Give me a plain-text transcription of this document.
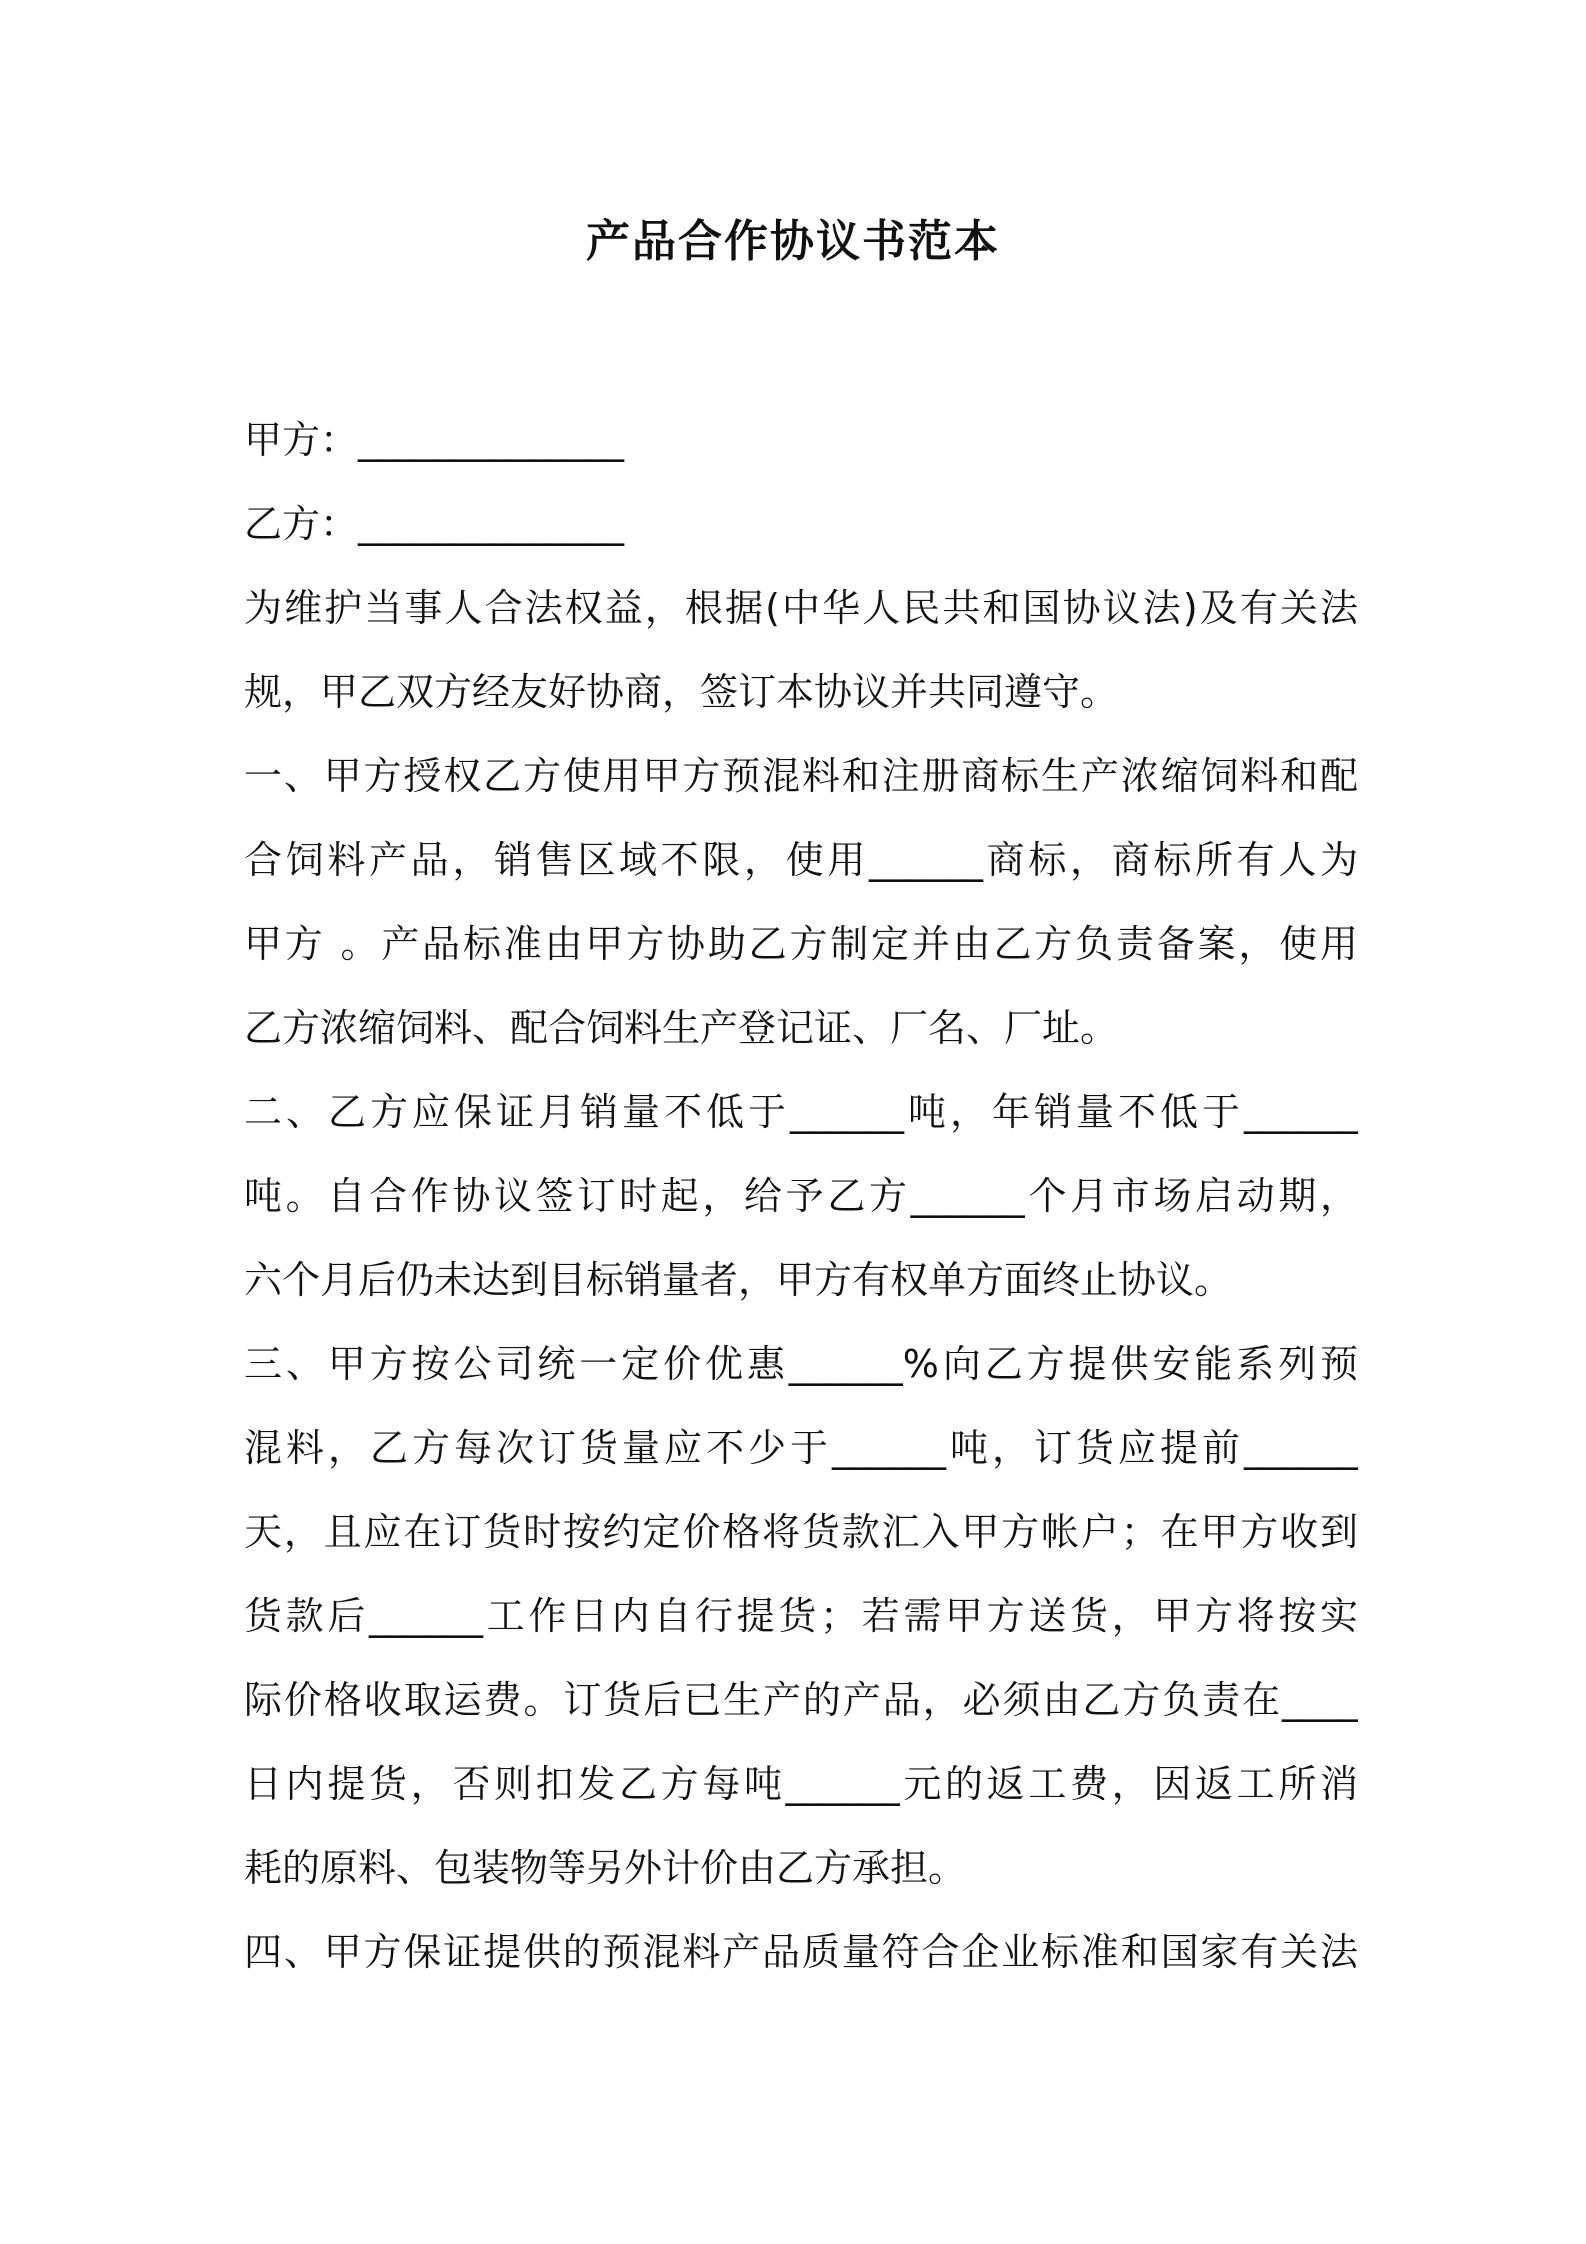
产品合作协议书范本
甲方：______________
乙方：______________
为维护当事人合法权益，根据(中华人民共和国协议法)及有关法
规，甲乙双方经友好协商，签订本协议并共同遵守。
一、甲方授权乙方使用甲方预混料和注册商标生产浓缩饲料和配
合饲料产品，销售区域不限，使用______商标，商标所有人为
甲方 。产品标准由甲方协助乙方制定并由乙方负责备案，使用
乙方浓缩饲料、配合饲料生产登记证、厂名、厂址。
二、乙方应保证月销量不低于______吨，年销量不低于______
吨。自合作协议签订时起，给予乙方______个月市场启动期，
六个月后仍未达到目标销量者，甲方有权单方面终止协议。
三、甲方按公司统一定价优惠______%向乙方提供安能系列预
混料，乙方每次订货量应不少于______吨，订货应提前______
天，且应在订货时按约定价格将货款汇入甲方帐户；在甲方收到
货款后______工作日内自行提货；若需甲方送货，甲方将按实
际价格收取运费。订货后已生产的产品，必须由乙方负责在____
日内提货，否则扣发乙方每吨______元的返工费，因返工所消
耗的原料、包装物等另外计价由乙方承担。
四、甲方保证提供的预混料产品质量符合企业标准和国家有关法
